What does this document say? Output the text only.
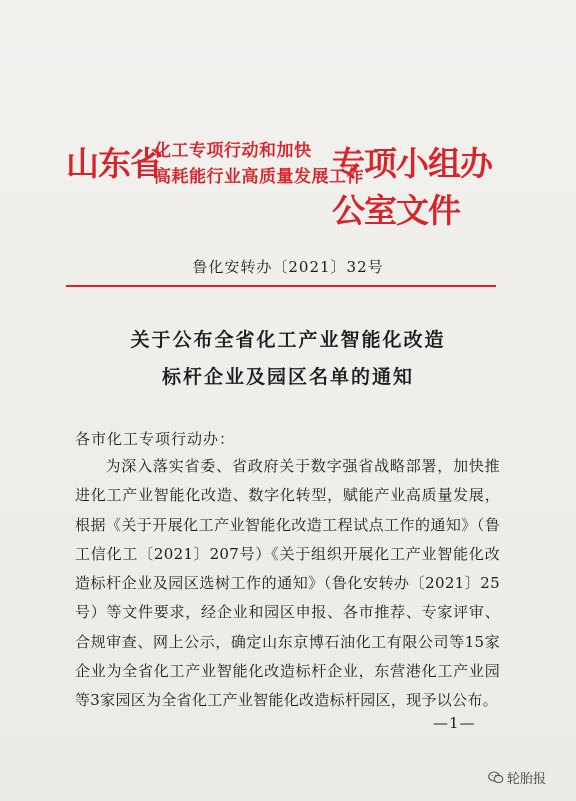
山东省
化工专项行动和加快
高耗能行业高质量发展工作
专项小组办公室文件
鲁化安转办〔2021〕32号
关于公布全省化工产业智能化改造
标杆企业及园区名单的通知
各市化工专项行动办：
为深入落实省委、省政府关于数字强省战略部署，加快推进化工产业智能化改造、数字化转型，赋能产业高质量发展，根据《关于开展化工产业智能化改造工程试点工作的通知》（鲁工信化工〔2021〕207号）《关于组织开展化工产业智能化改造标杆企业及园区选树工作的通知》（鲁化安转办〔2021〕25号）等文件要求，经企业和园区申报、各市推荐、专家评审、合规审查、网上公示，确定山东京博石油化工有限公司等15家企业为全省化工产业智能化改造标杆企业，东营港化工产业园等3家园区为全省化工产业智能化改造标杆园区，现予以公布。
—1—
轮胎报
